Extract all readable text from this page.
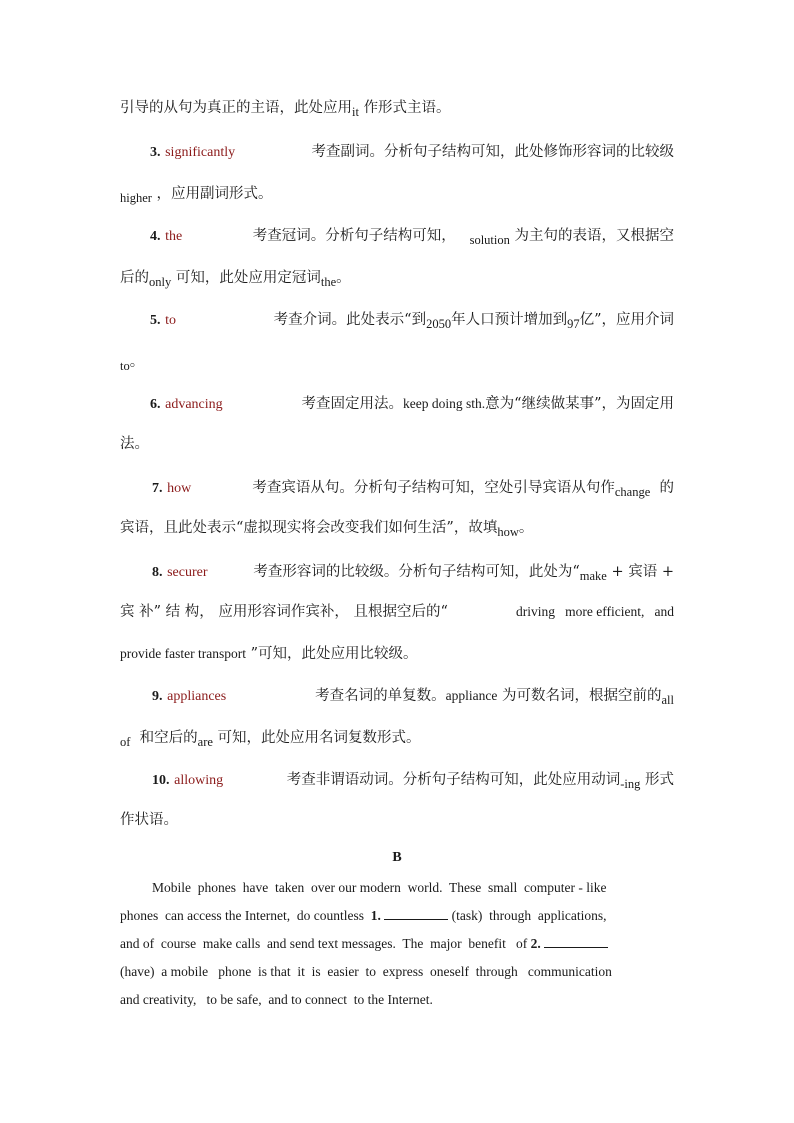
引导的从句为真正的主语，此处应用it 作形式主语。
3. significantly	考查副词。分析句子结构可知，此处修饰形容词的比较级
higher ，应用副词形式。
4. the	考查冠词。分析句子结构可知， solution 为主句的表语，又根据空
后的only 可知，此处应用定冠词the。
5. to	考查介词。此处表示“到2050年人口预计增加到97亿”，应用介词
to。
6. advancing	考查固定用法。keep doing sth.意为“继续做某事”，为固定用
法。
7. how	考查宾语从句。分析句子结构可知，空处引导宾语从句作change 的
宾语，且此处表示“虚拟现实将会改变我们如何生活”，故填how。
8. securer	考查形容词的比较级。分析句子结构可知，此处为“make + 宾语 +
宾 补” 结 构， 应用形容词作宾补， 且根据空后的“	driving   more efficient,   and
provide faster transport ”可知，此处应用比较级。
9. appliances	考查名词的单复数。appliance 为可数名词，根据空前的all
of 和空后的are 可知，此处应用名词复数形式。
10. allowing	考查非谓语动词。分析句子结构可知，此处应用动词-ing 形式
作状语。
B
Mobile  phones  have  taken  over our modern  world.  These  small  computer - like
phones  can access the Internet,  do countless  1.	(task)  through  applications,
and of  course  make calls  and send text messages.  The  major  benefit   of 2.
(have)  a mobile   phone  is that  it  is  easier  to  express  oneself  through   communication
and creativity,   to be safe,  and to connect  to the Internet.
